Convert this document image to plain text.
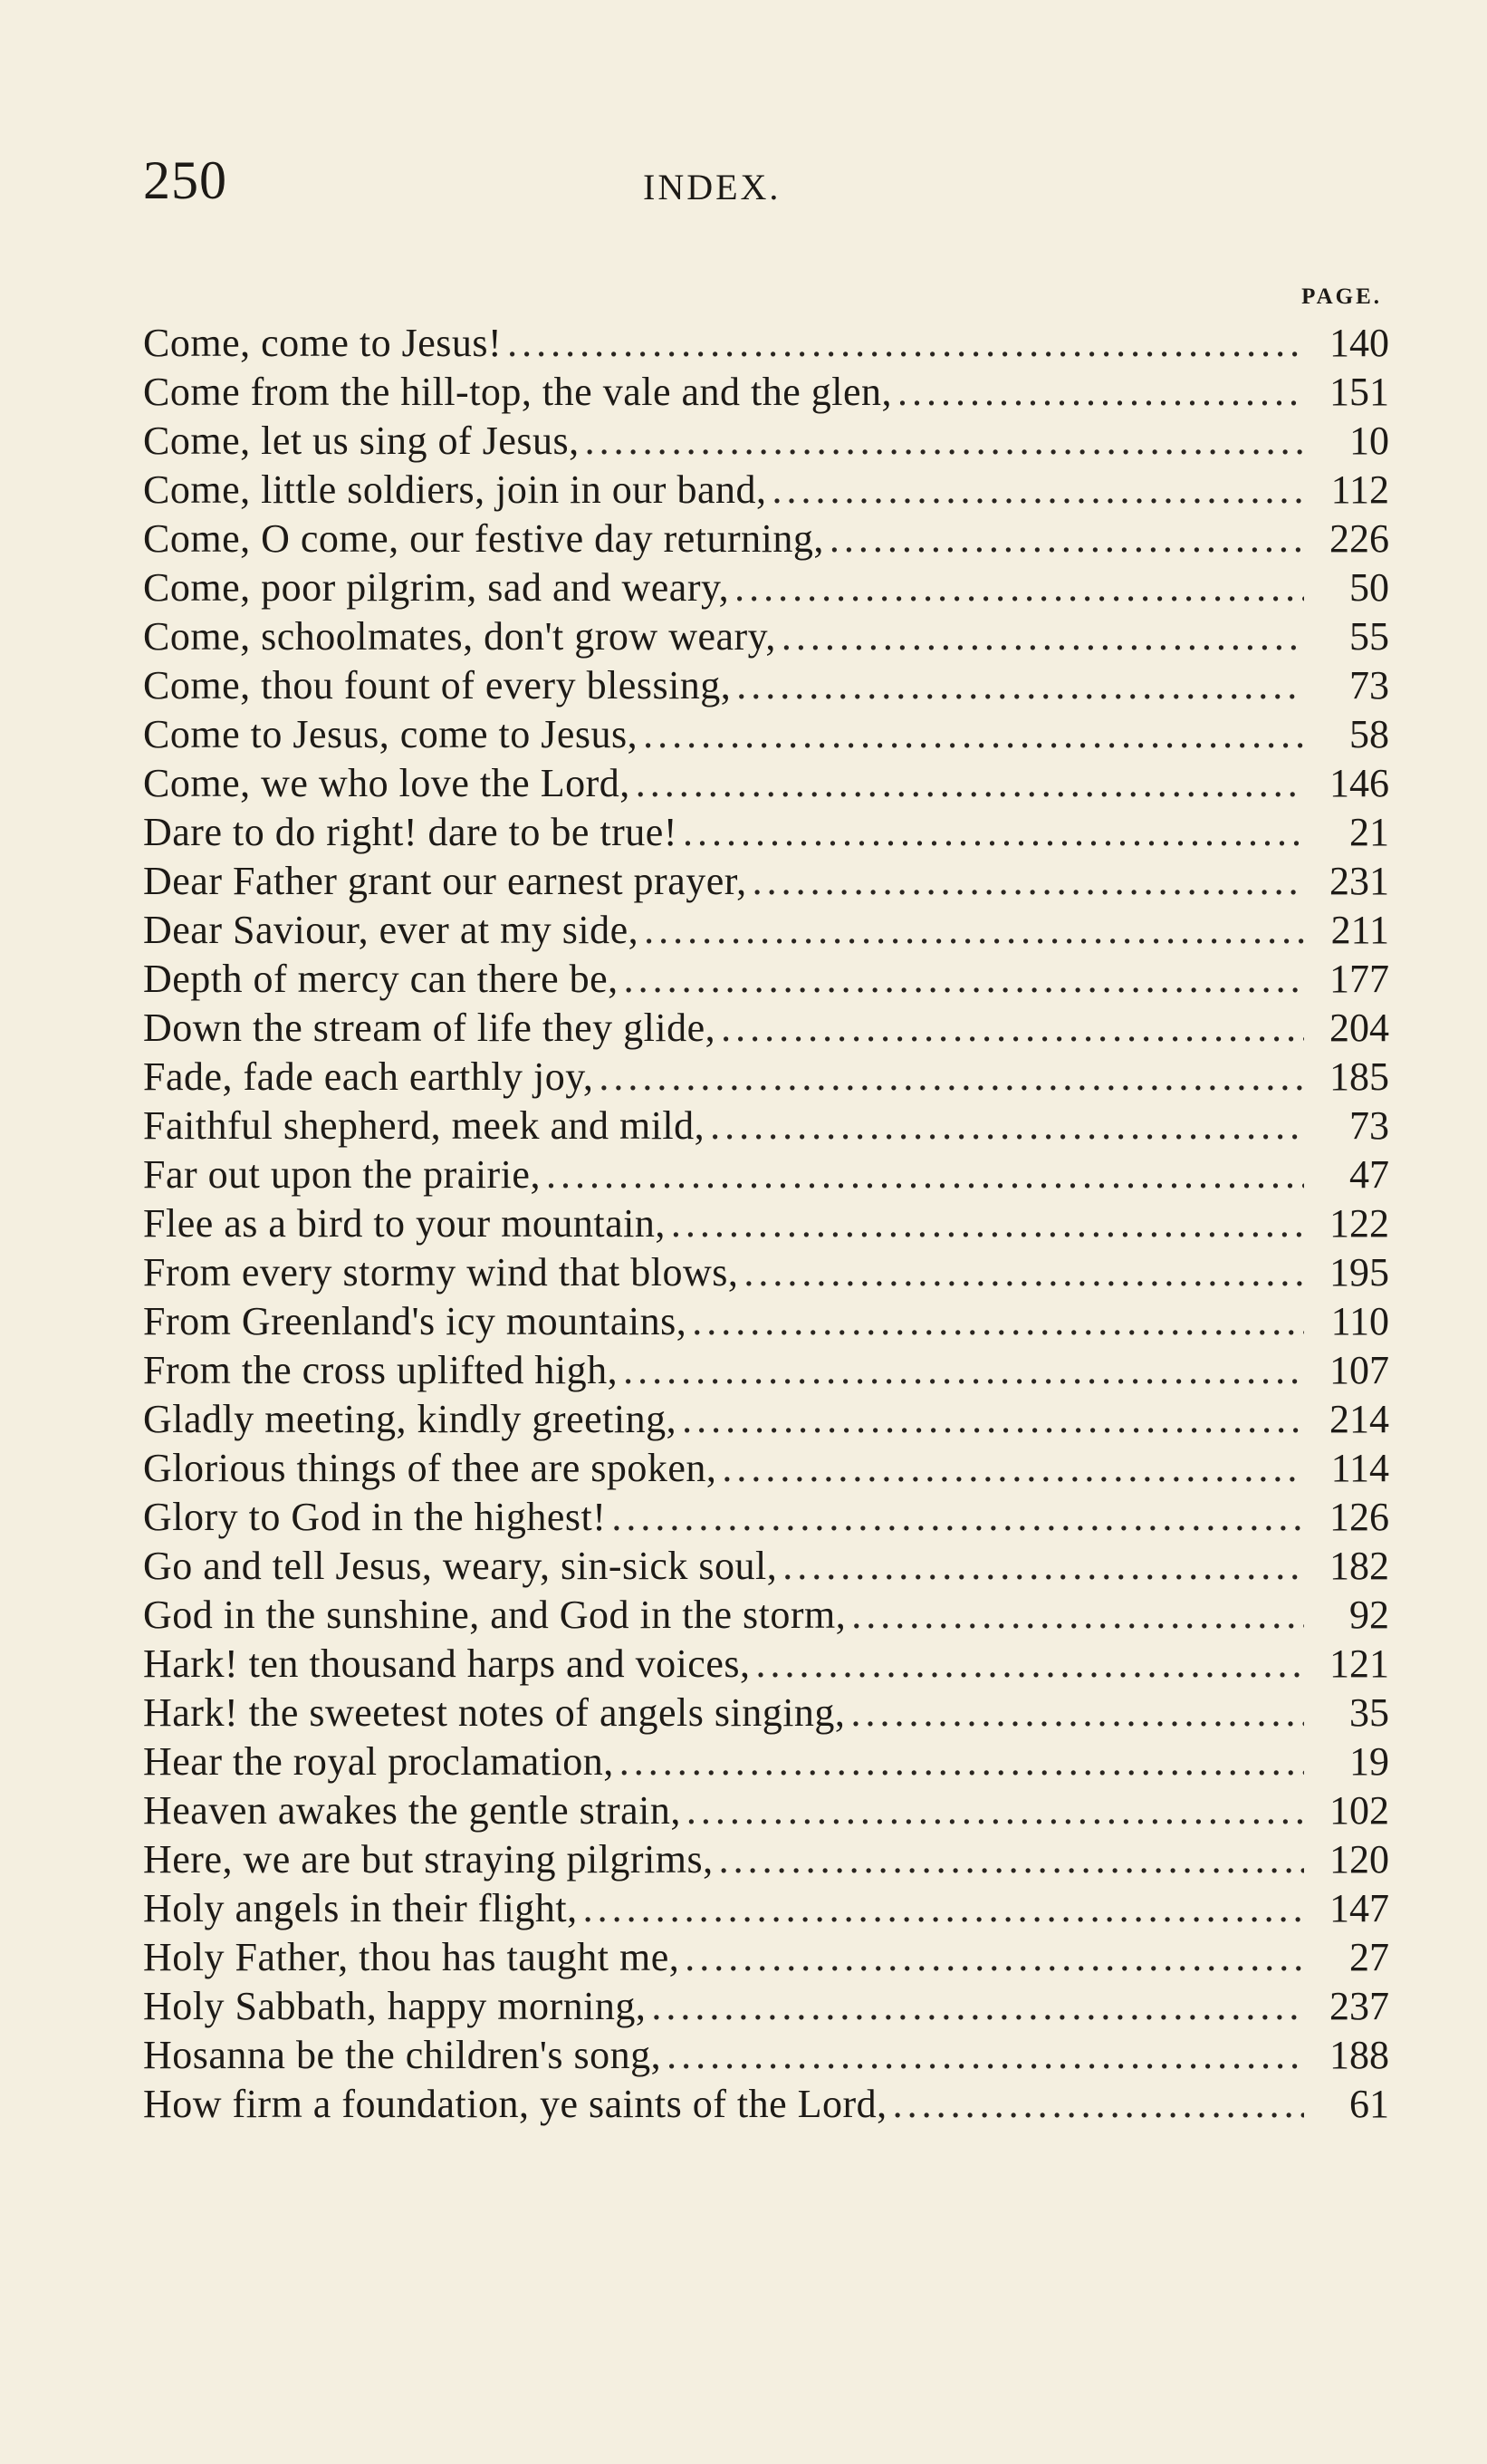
250	INDEX.
PAGE.
Come, come to Jesus! .....	140
Come from the hill-top, the vale and the glen, .....	151
Come, let us sing of Jesus, .....	10
Come, little soldiers, join in our band, .....	112
Come, O come, our festive day returning, .....	226
Come, poor pilgrim, sad and weary, .....	50
Come, schoolmates, don't grow weary, .....	55
Come, thou fount of every blessing, .....	73
Come to Jesus, come to Jesus, .....	58
Come, we who love the Lord, .....	146
Dare to do right! dare to be true! .....	21
Dear Father grant our earnest prayer, .....	231
Dear Saviour, ever at my side, .....	211
Depth of mercy can there be, .....	177
Down the stream of life they glide, .....	204
Fade, fade each earthly joy, .....	185
Faithful shepherd, meek and mild, .....	73
Far out upon the prairie, .....	47
Flee as a bird to your mountain, .....	122
From every stormy wind that blows, .....	195
From Greenland's icy mountains, .....	110
From the cross uplifted high, .....	107
Gladly meeting, kindly greeting, .....	214
Glorious things of thee are spoken, .....	114
Glory to God in the highest! .....	126
Go and tell Jesus, weary, sin-sick soul, .....	182
God in the sunshine, and God in the storm, .....	92
Hark! ten thousand harps and voices, .....	121
Hark! the sweetest notes of angels singing, .....	35
Hear the royal proclamation, .....	19
Heaven awakes the gentle strain, .....	102
Here, we are but straying pilgrims, .....	120
Holy angels in their flight, .....	147
Holy Father, thou has taught me, .....	27
Holy Sabbath, happy morning, .....	237
Hosanna be the children's song, .....	188
How firm a foundation, ye saints of the Lord, .....	61
